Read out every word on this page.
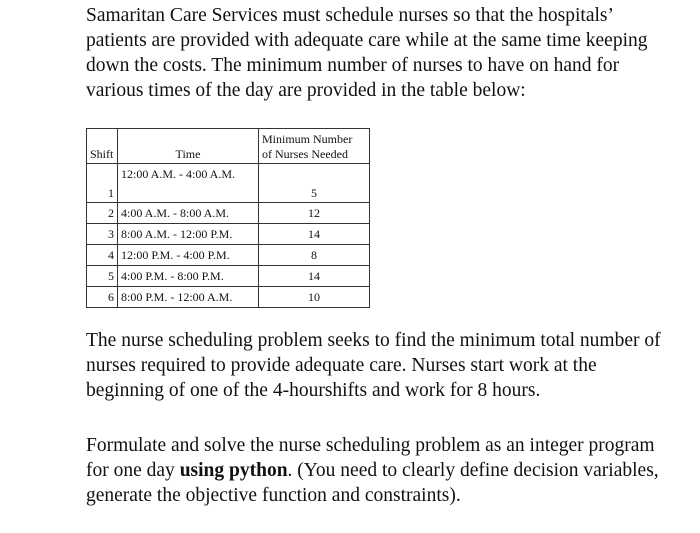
Samaritan Care Services must schedule nurses so that the hospitals’ patients are provided with adequate care while at the same time keeping down the costs. The minimum number of nurses to have on hand for various times of the day are provided in the table below:

Shift	Time	Minimum Number
of Nurses Needed

1	12:00 A.M. - 4:00 A.M.	5
2	4:00 A.M. - 8:00 A.M.	12
3	8:00 A.M. - 12:00 P.M.	14
4	12:00 P.M. - 4:00 P.M.	8
5	4:00 P.M. - 8:00 P.M.	14
6	8:00 P.M. - 12:00 A.M.	10

The nurse scheduling problem seeks to find the minimum total number of nurses required to provide adequate care. Nurses start work at the beginning of one of the 4-hourshifts and work for 8 hours.

Formulate and solve the nurse scheduling problem as an integer program for one day using python. (You need to clearly define decision variables, generate the objective function and constraints).
